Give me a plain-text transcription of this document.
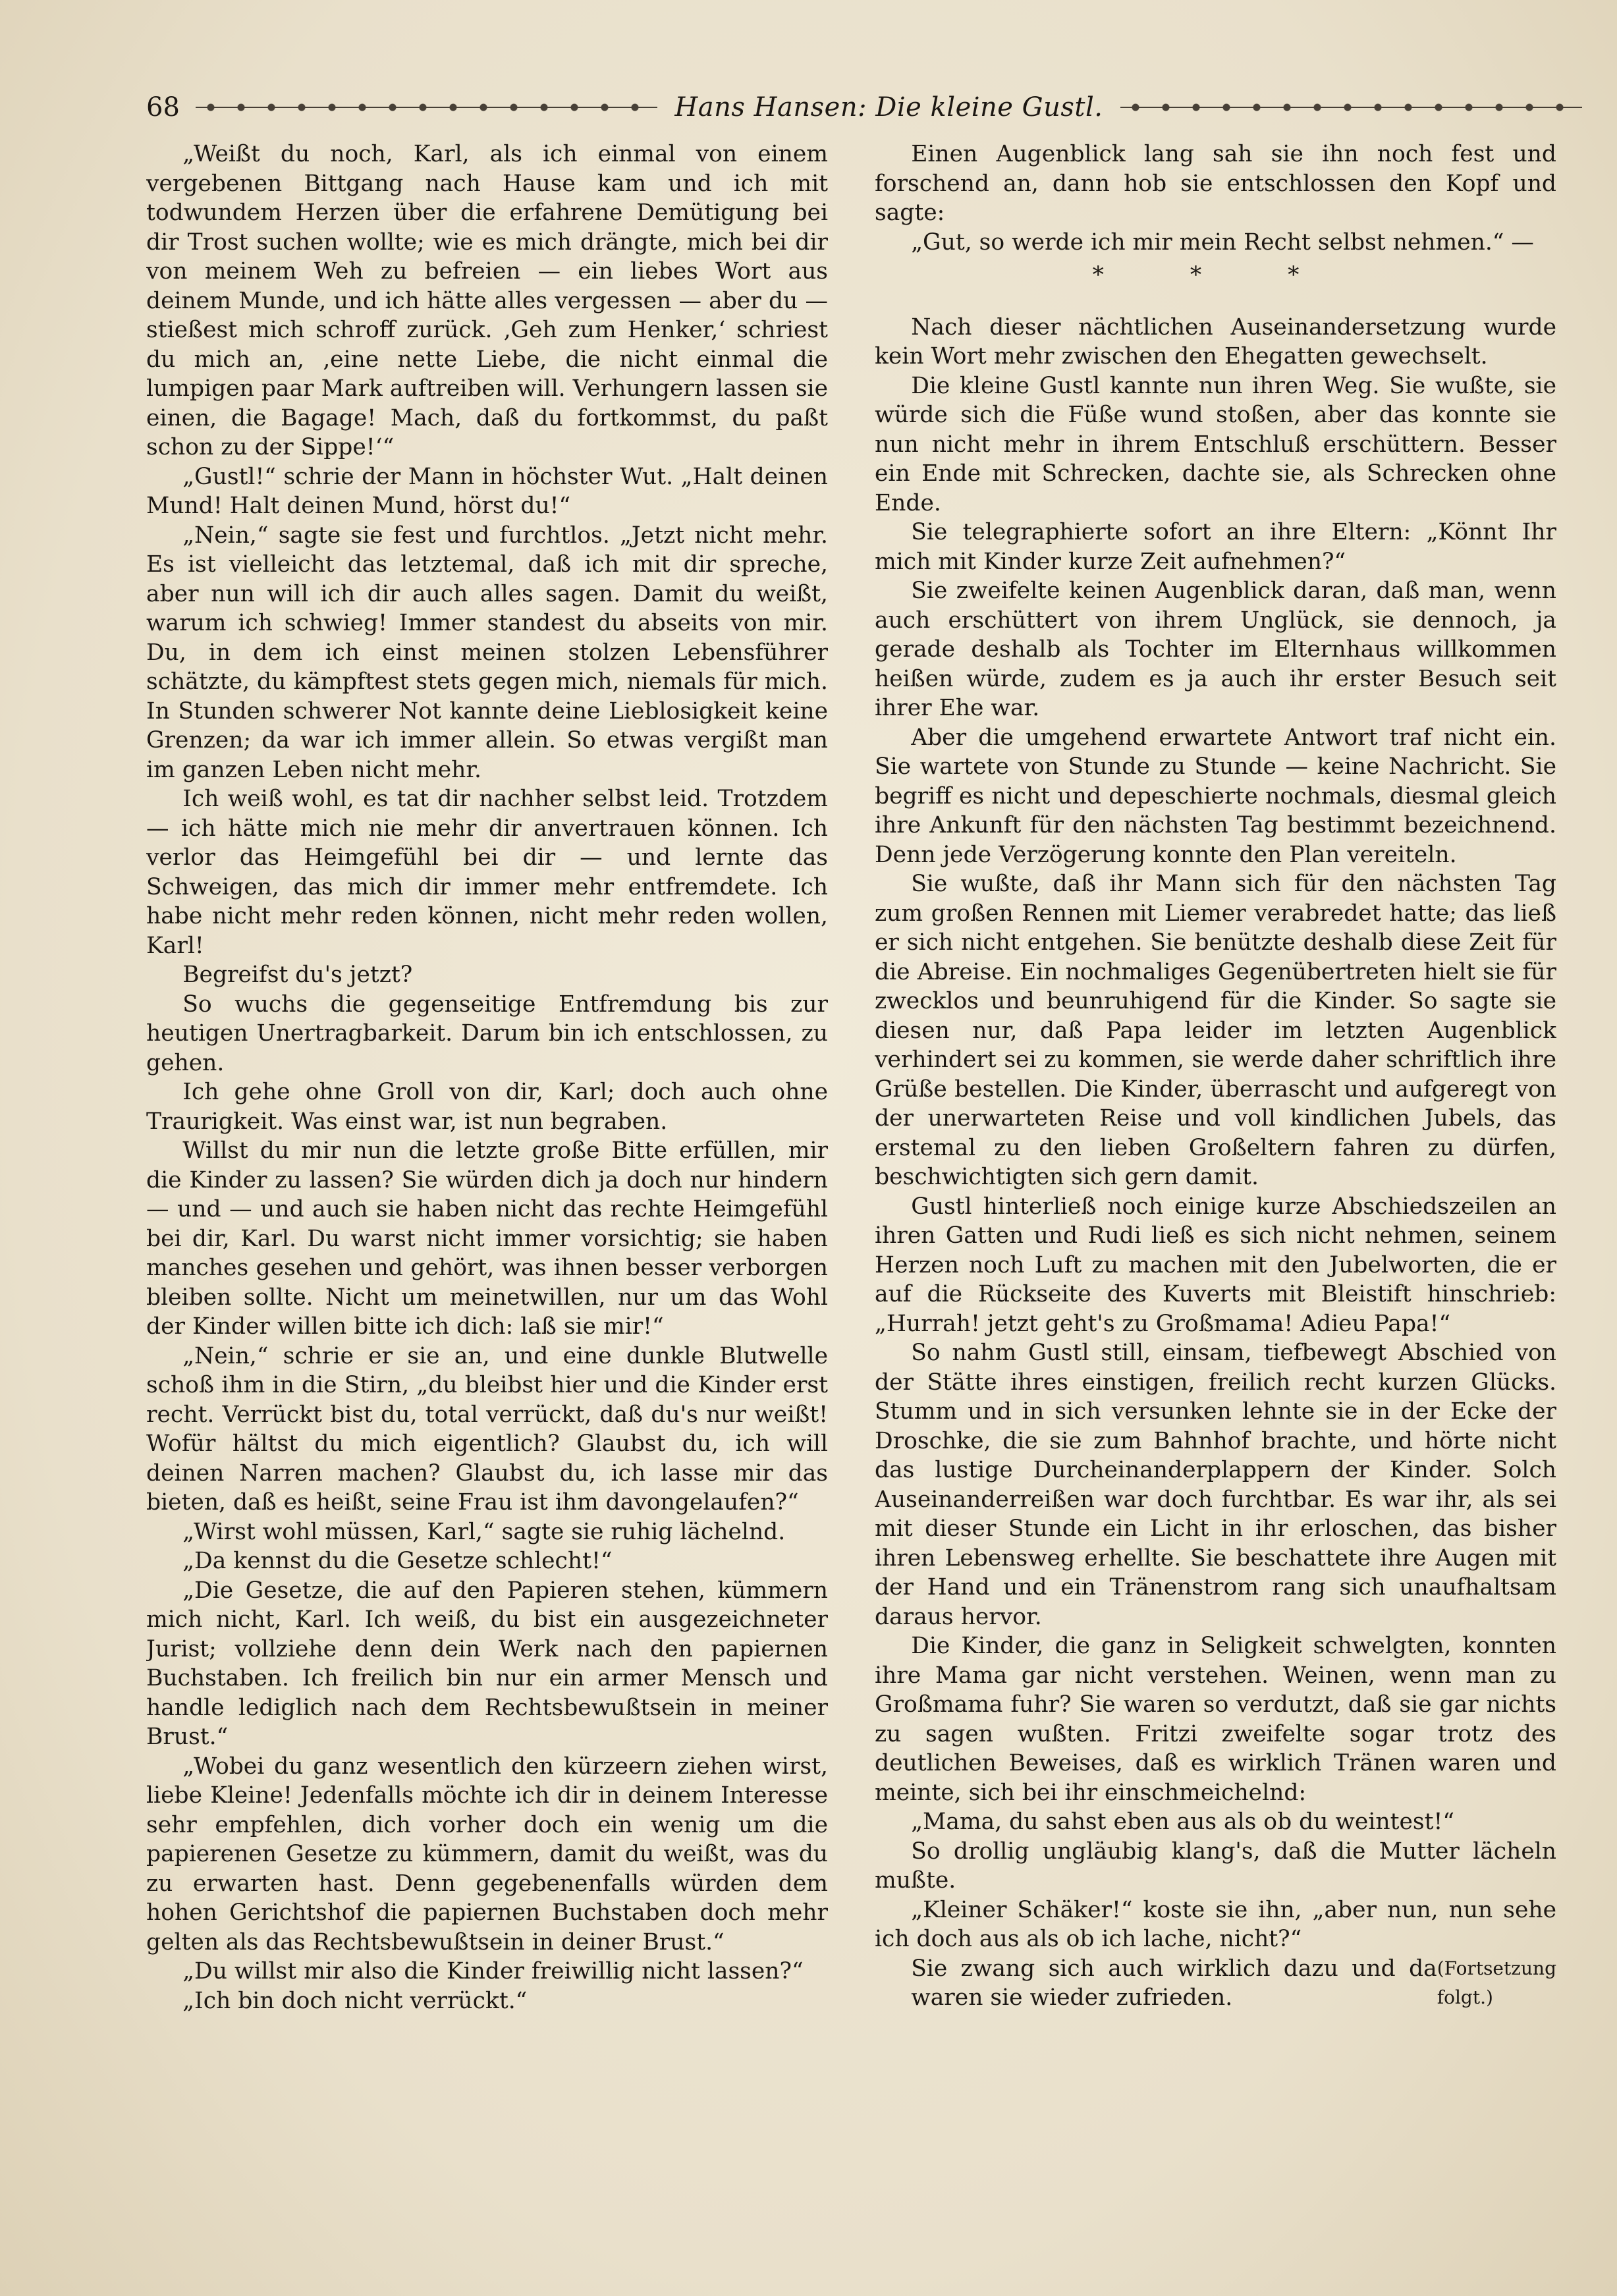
68	Hans Hansen: Die kleine Gustl.

„Weißt du noch, Karl, als ich einmal von einem vergebenen Bittgang nach Hause kam und ich mit todwundem Herzen über die erfahrene Demütigung bei dir Trost suchen wollte; wie es mich drängte, mich bei dir von meinem Weh zu befreien — ein liebes Wort aus deinem Munde, und ich hätte alles vergessen — aber du — stießest mich schroff zurück. ‚Geh zum Henker,‘ schriest du mich an, ‚eine nette Liebe, die nicht einmal die lumpigen paar Mark auftreiben will. Verhungern lassen sie einen, die Bagage! Mach, daß du fortkommst, du paßt schon zu der Sippe!‘“

„Gustl!“ schrie der Mann in höchster Wut. „Halt deinen Mund! Halt deinen Mund, hörst du!“

„Nein,“ sagte sie fest und furchtlos. „Jetzt nicht mehr. Es ist vielleicht das letztemal, daß ich mit dir spreche, aber nun will ich dir auch alles sagen. Damit du weißt, warum ich schwieg! Immer standest du abseits von mir. Du, in dem ich einst meinen stolzen Lebensführer schätzte, du kämpftest stets gegen mich, niemals für mich. In Stunden schwerer Not kannte deine Lieblosigkeit keine Grenzen; da war ich immer allein. So etwas vergißt man im ganzen Leben nicht mehr.

Ich weiß wohl, es tat dir nachher selbst leid. Trotzdem — ich hätte mich nie mehr dir anvertrauen können. Ich verlor das Heimgefühl bei dir — und lernte das Schweigen, das mich dir immer mehr entfremdete. Ich habe nicht mehr reden können, nicht mehr reden wollen, Karl!

Begreifst du's jetzt?

So wuchs die gegenseitige Entfremdung bis zur heutigen Unertragbarkeit. Darum bin ich entschlossen, zu gehen.

Ich gehe ohne Groll von dir, Karl; doch auch ohne Traurigkeit. Was einst war, ist nun begraben.

Willst du mir nun die letzte große Bitte erfüllen, mir die Kinder zu lassen? Sie würden dich ja doch nur hindern — und — und auch sie haben nicht das rechte Heimgefühl bei dir, Karl. Du warst nicht immer vorsichtig; sie haben manches gesehen und gehört, was ihnen besser verborgen bleiben sollte. Nicht um meinetwillen, nur um das Wohl der Kinder willen bitte ich dich: laß sie mir!“

„Nein,“ schrie er sie an, und eine dunkle Blutwelle schoß ihm in die Stirn, „du bleibst hier und die Kinder erst recht. Verrückt bist du, total verrückt, daß du's nur weißt! Wofür hältst du mich eigentlich? Glaubst du, ich will deinen Narren machen? Glaubst du, ich lasse mir das bieten, daß es heißt, seine Frau ist ihm davongelaufen?“

„Wirst wohl müssen, Karl,“ sagte sie ruhig lächelnd.

„Da kennst du die Gesetze schlecht!“

„Die Gesetze, die auf den Papieren stehen, kümmern mich nicht, Karl. Ich weiß, du bist ein ausgezeichneter Jurist; vollziehe denn dein Werk nach den papiernen Buchstaben. Ich freilich bin nur ein armer Mensch und handle lediglich nach dem Rechtsbewußtsein in meiner Brust.“

„Wobei du ganz wesentlich den kürzeern ziehen wirst, liebe Kleine! Jedenfalls möchte ich dir in deinem Interesse sehr empfehlen, dich vorher doch ein wenig um die papierenen Gesetze zu kümmern, damit du weißt, was du zu erwarten hast. Denn gegebenenfalls würden dem hohen Gerichtshof die papiernen Buchstaben doch mehr gelten als das Rechtsbewußtsein in deiner Brust.“

„Du willst mir also die Kinder freiwillig nicht lassen?“

„Ich bin doch nicht verrückt.“

Einen Augenblick lang sah sie ihn noch fest und forschend an, dann hob sie entschlossen den Kopf und sagte:

„Gut, so werde ich mir mein Recht selbst nehmen.“ —

* * *

Nach dieser nächtlichen Auseinandersetzung wurde kein Wort mehr zwischen den Ehegatten gewechselt.

Die kleine Gustl kannte nun ihren Weg. Sie wußte, sie würde sich die Füße wund stoßen, aber das konnte sie nun nicht mehr in ihrem Entschluß erschüttern. Besser ein Ende mit Schrecken, dachte sie, als Schrecken ohne Ende.

Sie telegraphierte sofort an ihre Eltern: „Könnt Ihr mich mit Kinder kurze Zeit aufnehmen?“

Sie zweifelte keinen Augenblick daran, daß man, wenn auch erschüttert von ihrem Unglück, sie dennoch, ja gerade deshalb als Tochter im Elternhaus willkommen heißen würde, zudem es ja auch ihr erster Besuch seit ihrer Ehe war.

Aber die umgehend erwartete Antwort traf nicht ein. Sie wartete von Stunde zu Stunde — keine Nachricht. Sie begriff es nicht und depeschierte nochmals, diesmal gleich ihre Ankunft für den nächsten Tag bestimmt bezeichnend. Denn jede Verzögerung konnte den Plan vereiteln.

Sie wußte, daß ihr Mann sich für den nächsten Tag zum großen Rennen mit Liemer verabredet hatte; das ließ er sich nicht entgehen. Sie benützte deshalb diese Zeit für die Abreise. Ein nochmaliges Gegenübertreten hielt sie für zwecklos und beunruhigend für die Kinder. So sagte sie diesen nur, daß Papa leider im letzten Augenblick verhindert sei zu kommen, sie werde daher schriftlich ihre Grüße bestellen. Die Kinder, überrascht und aufgeregt von der unerwarteten Reise und voll kindlichen Jubels, das erstemal zu den lieben Großeltern fahren zu dürfen, beschwichtigten sich gern damit.

Gustl hinterließ noch einige kurze Abschiedszeilen an ihren Gatten und Rudi ließ es sich nicht nehmen, seinem Herzen noch Luft zu machen mit den Jubelworten, die er auf die Rückseite des Kuverts mit Bleistift hinschrieb: „Hurrah! jetzt geht's zu Großmama! Adieu Papa!“

So nahm Gustl still, einsam, tiefbewegt Abschied von der Stätte ihres einstigen, freilich recht kurzen Glücks. Stumm und in sich versunken lehnte sie in der Ecke der Droschke, die sie zum Bahnhof brachte, und hörte nicht das lustige Durcheinanderplappern der Kinder. Solch Auseinanderreißen war doch furchtbar. Es war ihr, als sei mit dieser Stunde ein Licht in ihr erloschen, das bisher ihren Lebensweg erhellte. Sie beschattete ihre Augen mit der Hand und ein Tränenstrom rang sich unaufhaltsam daraus hervor.

Die Kinder, die ganz in Seligkeit schwelgten, konnten ihre Mama gar nicht verstehen. Weinen, wenn man zu Großmama fuhr? Sie waren so verdutzt, daß sie gar nichts zu sagen wußten. Fritzi zweifelte sogar trotz des deutlichen Beweises, daß es wirklich Tränen waren und meinte, sich bei ihr einschmeichelnd:

„Mama, du sahst eben aus als ob du weintest!“

So drollig ungläubig klang's, daß die Mutter lächeln mußte.

„Kleiner Schäker!“ koste sie ihn, „aber nun, nun sehe ich doch aus als ob ich lache, nicht?“

Sie zwang sich auch wirklich dazu und da waren sie wieder zufrieden.
(Fortsetzung folgt.)
